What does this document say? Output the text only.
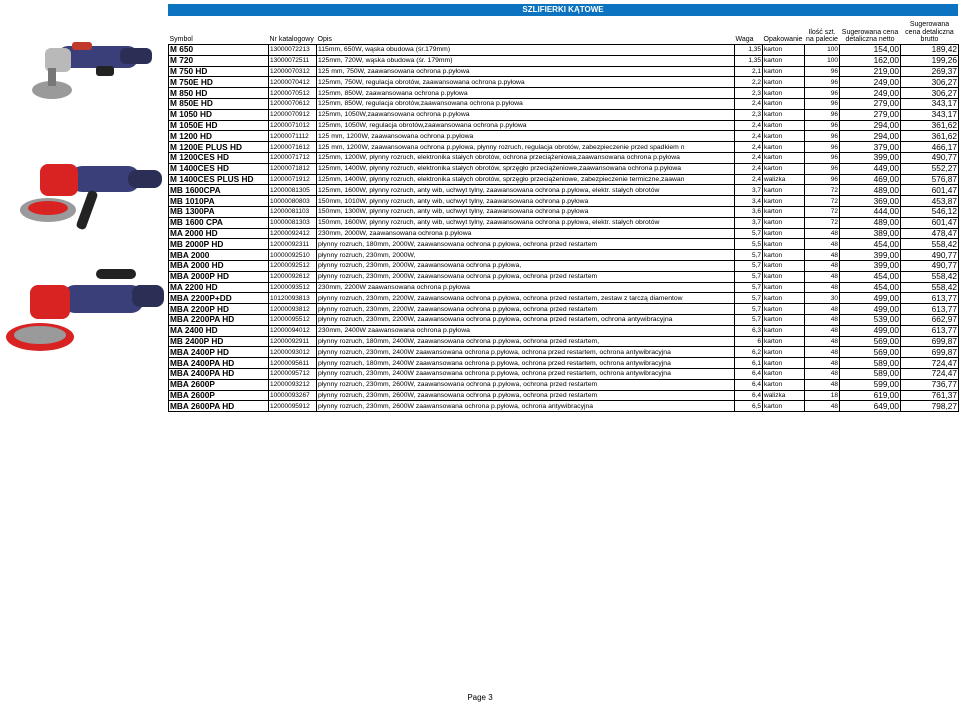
SZLIFIERKI KĄTOWE
Symbol	Nr katalogowy	Opis	Waga	Opakowanie	Ilość szt. na palecie	Sugerowana cena detaliczna netto	Sugerowana cena detaliczna brutto
M 650	13000072213	115mm, 650W, wąska obudowa (śr.179mm)	1,35	karton	100	154,00	189,42
M 720	13000072511	125mm, 720W, wąska obudowa (śr. 179mm)	1,35	karton	100	162,00	199,26
M 750 HD	12000070312	125 mm, 750W, zaawansowana ochrona p.pyłowa	2,1	karton	96	219,00	269,37
M 750E HD	12000070412	125mm, 750W, regulacja obrotów, zaawansowana ochrona p.pyłowa	2,2	karton	96	249,00	306,27
M 850 HD	12000070512	125mm, 850W, zaawansowana ochrona p.pyłowa	2,3	karton	96	249,00	306,27
M 850E HD	12000070612	125mm, 850W, regulacja obrotów,zaawansowana ochrona p.pyłowa	2,4	karton	96	279,00	343,17
M 1050 HD	12000070912	125mm, 1050W,zaawansowana ochrona p.pyłowa	2,3	karton	96	279,00	343,17
M 1050E HD	12000071012	125mm, 1050W, regulacja obrotów,zaawansowana ochrona p.pyłowa	2,4	karton	96	294,00	361,62
M 1200 HD	12000071112	125 mm, 1200W, zaawansowana ochrona p.pyłowa	2,4	karton	96	294,00	361,62
M 1200E PLUS HD	12000071612	125 mm, 1200W, zaawansowana ochrona p.pyłowa, płynny rozruch, regulacja obrotów, zabezpieczenie przed spadkiem n	2,4	karton	96	379,00	466,17
M 1200CES HD	12000071712	125mm, 1200W, płynny rozruch, elektronika stałych obrotów, ochrona przeciążeniowa,zaawansowana ochrona p.pyłowa	2,4	karton	96	399,00	490,77
M 1400CES HD	12000071812	125mm, 1400W, płynny rozruch, elektronika stałych obrotów, sprzęgło przeciążeniowe,zaawansowana ochrona p.pyłowa	2,4	karton	96	449,00	552,27
M 1400CES PLUS HD	12000071912	125mm, 1400W, płynny rozruch, elektronika stałych obrotów, sprzęgło przeciążeniowe, zabezpieczenie termiczne,zaawan	2,4	walizka	96	469,00	576,87
MB 1600CPA	12000081305	125mm, 1600W, płynny rozruch, anty wib, uchwyt tylny, zaawansowana ochrona p.pyłowa, elektr. stałych obrotów	3,7	karton	72	489,00	601,47
MB 1010PA	10000080803	150mm, 1010W, płynny rozruch, anty wib, uchwyt tylny, zaawansowana ochrona p.pyłowa	3,4	karton	72	369,00	453,87
MB 1300PA	12000081103	150mm, 1300W, płynny rozruch, anty wib, uchwyt tylny, zaawansowana ochrona p.pyłowa	3,6	karton	72	444,00	546,12
MB 1600 CPA	10000081303	150mm, 1600W, płynny rozruch, anty wib, uchwyt tylny, zaawansowana ochrona p.pyłowa, elektr. stałych obrotów	3,7	karton	72	489,00	601,47
MA 2000 HD	12000092412	230mm, 2000W, zaawansowana ochrona p.pyłowa	5,7	karton	48	389,00	478,47
MB 2000P HD	12000092311	płynny rozruch, 180mm, 2000W, zaawansowana ochrona p.pyłowa, ochrona przed restartem	5,5	karton	48	454,00	558,42
MBA 2000	10000092510	płynny rozruch, 230mm, 2000W,	5,7	karton	48	399,00	490,77
MBA 2000 HD	12000092512	płynny rozruch, 230mm, 2000W, zaawansowana ochrona p.pyłowa,	5,7	karton	48	399,00	490,77
MBA 2000P HD	12000092612	płynny rozruch, 230mm, 2000W, zaawansowana ochrona p.pyłowa, ochrona przed restartem	5,7	karton	48	454,00	558,42
MA 2200 HD	12000093512	230mm, 2200W zaawansowana ochrona p.pyłowa	5,7	karton	48	454,00	558,42
MBA 2200P+DD	10120093813	płynny rozruch, 230mm, 2200W, zaawansowana ochrona p.pyłowa, ochrona przed restartem, zestaw z tarczą diamentow	5,7	karton	30	499,00	613,77
MBA 2200P HD	12000093812	płynny rozruch, 230mm, 2200W, zaawansowana ochrona p.pyłowa, ochrona przed restartem	5,7	karton	48	499,00	613,77
MBA 2200PA HD	12000095512	płynny rozruch, 230mm, 2200W, zaawansowana ochrona p.pyłowa, ochrona przed restartem, ochrona antywibracyjna	5,7	karton	48	539,00	662,97
MA 2400 HD	12000094012	230mm, 2400W zaawansowana ochrona p.pyłowa	6,3	karton	48	499,00	613,77
MB 2400P HD	12000092911	płynny rozruch, 180mm, 2400W, zaawansowana ochrona p.pyłowa, ochrona przed restartem,	6	karton	48	569,00	699,87
MBA 2400P HD	12000093012	płynny rozruch, 230mm, 2400W zaawansowana ochrona p.pyłowa, ochrona przed restartem, ochrona antywibracyjna	6,2	karton	48	569,00	699,87
MBA 2400PA HD	12000095611	płynny rozruch, 180mm, 2400W zaawansowana ochrona p.pyłowa, ochrona przed restartem, ochrona antywibracyjna	6,1	karton	48	589,00	724,47
MBA 2400PA HD	12000095712	płynny rozruch, 230mm, 2400W zaawansowana ochrona p.pyłowa, ochrona przed restartem, ochrona antywibracyjna	6,4	karton	48	589,00	724,47
MBA 2600P	12000093212	płynny rozruch, 230mm, 2600W, zaawansowana ochrona p.pyłowa, ochrona przed restartem	6,4	karton	48	599,00	736,77
MBA 2600P	10000093267	płynny rozruch, 230mm, 2600W, zaawansowana ochrona p.pyłowa, ochrona przed restartem	6,4	walizka	18	619,00	761,37
MBA 2600PA HD	12000095912	płynny rozruch, 230mm, 2600W zaawansowana ochrona p.pyłowa, ochrona antywibracyjna	6,5	karton	48	649,00	798,27
Page 3
